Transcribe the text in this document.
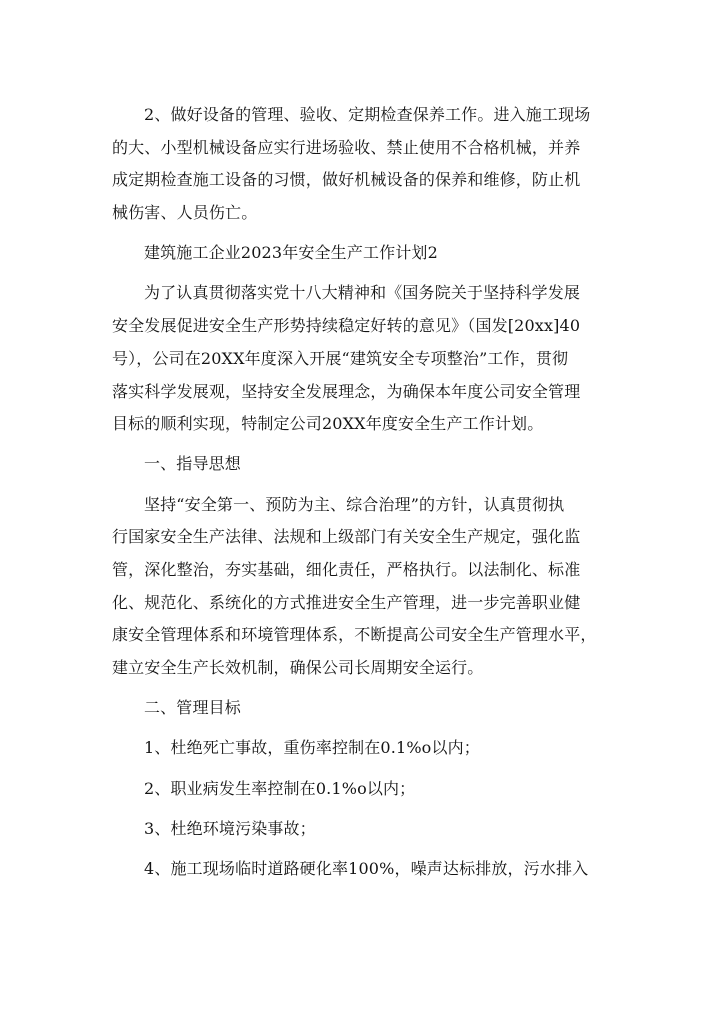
2、做好设备的管理、验收、定期检查保养工作。进入施工现场
的大、小型机械设备应实行进场验收、禁止使用不合格机械，并养
成定期检查施工设备的习惯，做好机械设备的保养和维修，防止机
械伤害、人员伤亡。
建筑施工企业2023年安全生产工作计划2
为了认真贯彻落实党十八大精神和《国务院关于坚持科学发展
安全发展促进安全生产形势持续稳定好转的意见》（国发[20xx]40
号），公司在20XX年度深入开展“建筑安全专项整治”工作，贯彻
落实科学发展观，坚持安全发展理念，为确保本年度公司安全管理
目标的顺利实现，特制定公司20XX年度安全生产工作计划。
一、指导思想
坚持“安全第一、预防为主、综合治理”的方针，认真贯彻执
行国家安全生产法律、法规和上级部门有关安全生产规定，强化监
管，深化整治，夯实基础，细化责任，严格执行。以法制化、标准
化、规范化、系统化的方式推进安全生产管理，进一步完善职业健
康安全管理体系和环境管理体系，不断提高公司安全生产管理水平，
建立安全生产长效机制，确保公司长周期安全运行。
二、管理目标
1、杜绝死亡事故，重伤率控制在0.1%o以内；
2、职业病发生率控制在0.1%o以内；
3、杜绝环境污染事故；
4、施工现场临时道路硬化率100%，噪声达标排放，污水排入
